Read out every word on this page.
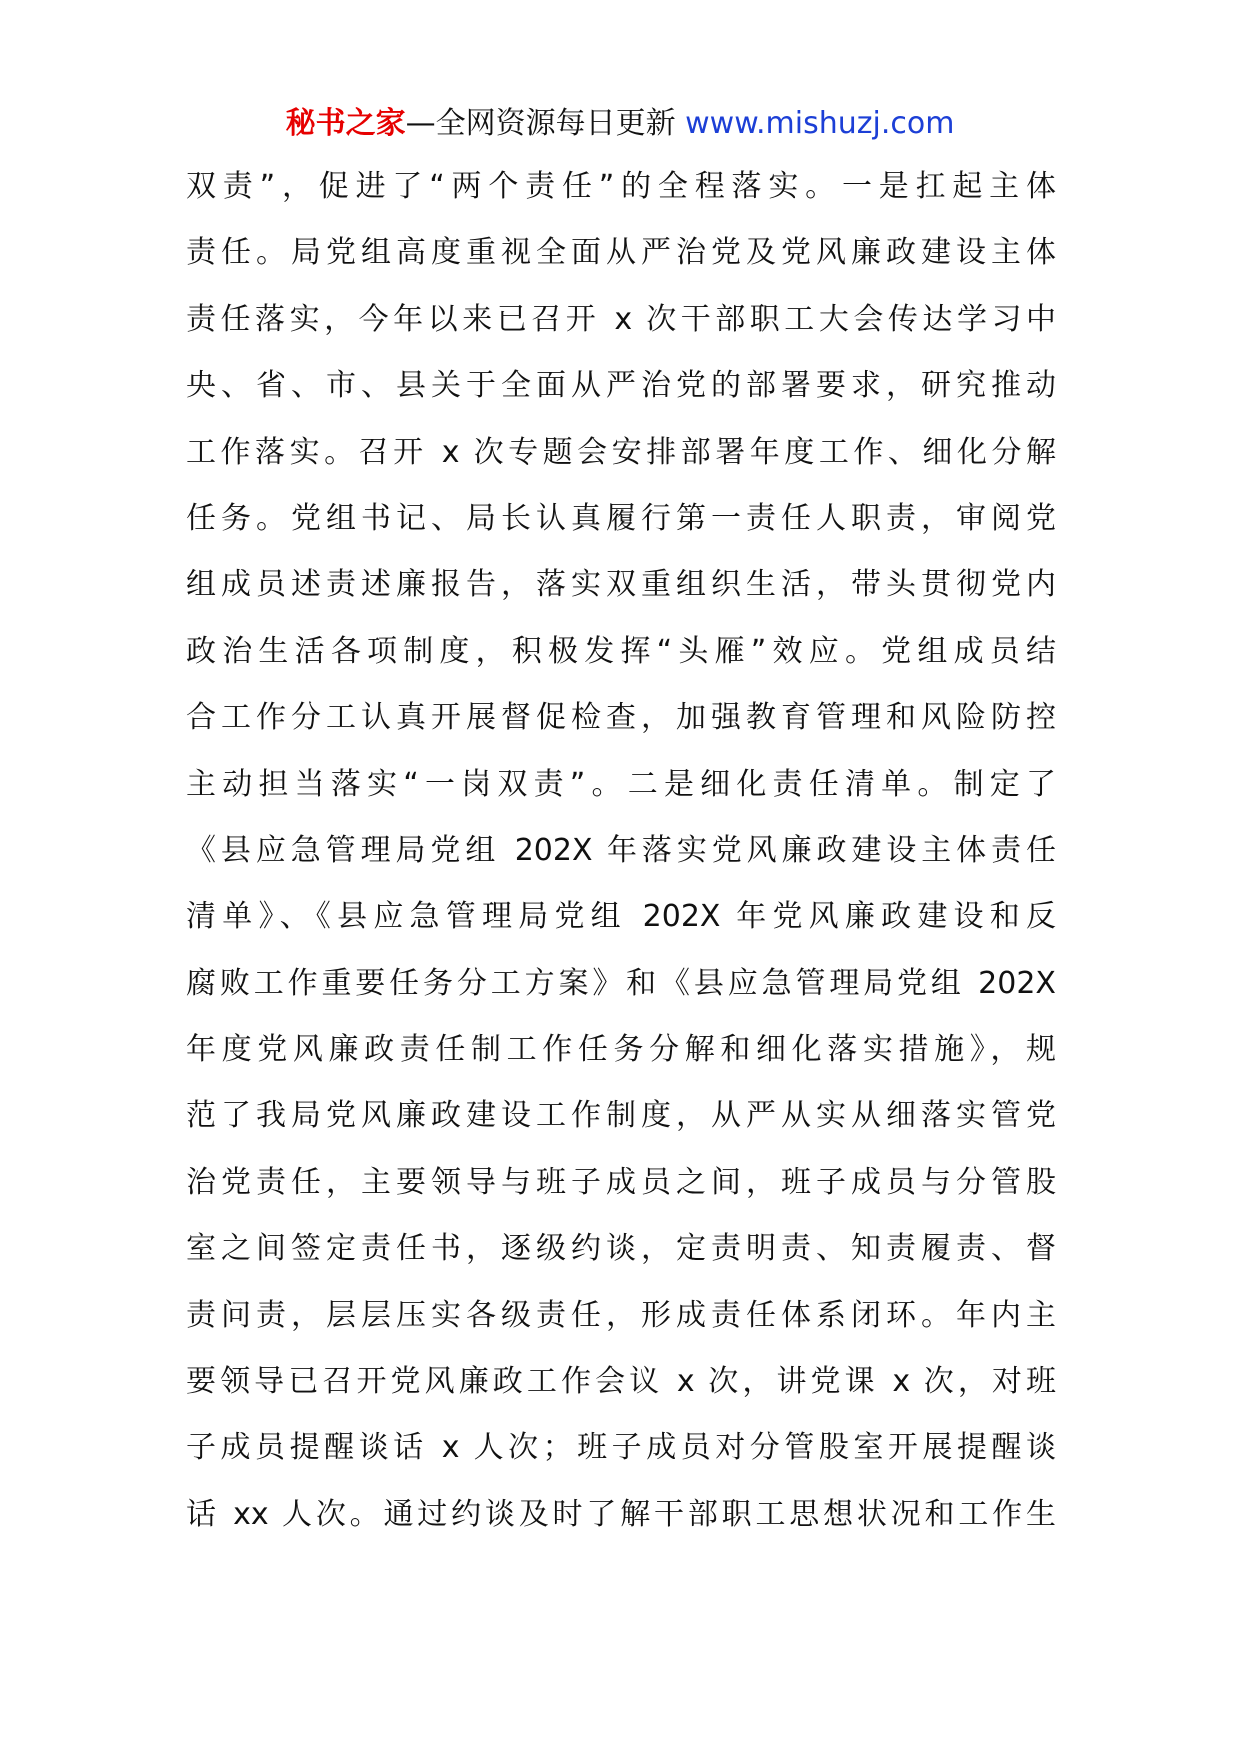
秘书之家—全网资源每日更新 www.mishuzj.com
双责”，促进了“两个责任”的全程落实。一是扛起主体
责任。局党组高度重视全面从严治党及党风廉政建设主体
责任落实，今年以来已召开 x 次干部职工大会传达学习中
央、省、市、县关于全面从严治党的部署要求，研究推动
工作落实。召开 x 次专题会安排部署年度工作、细化分解
任务。党组书记、局长认真履行第一责任人职责，审阅党
组成员述责述廉报告，落实双重组织生活，带头贯彻党内
政治生活各项制度，积极发挥“头雁”效应。党组成员结
合工作分工认真开展督促检查，加强教育管理和风险防控
主动担当落实“一岗双责”。二是细化责任清单。制定了
《县应急管理局党组 202X 年落实党风廉政建设主体责任
清单》、《县应急管理局党组 202X 年党风廉政建设和反
腐败工作重要任务分工方案》和《县应急管理局党组 202X
年度党风廉政责任制工作任务分解和细化落实措施》，规
范了我局党风廉政建设工作制度，从严从实从细落实管党
治党责任，主要领导与班子成员之间，班子成员与分管股
室之间签定责任书，逐级约谈，定责明责、知责履责、督
责问责，层层压实各级责任，形成责任体系闭环。年内主
要领导已召开党风廉政工作会议 x 次，讲党课 x 次，对班
子成员提醒谈话 x 人次；班子成员对分管股室开展提醒谈
话 xx 人次。通过约谈及时了解干部职工思想状况和工作生
